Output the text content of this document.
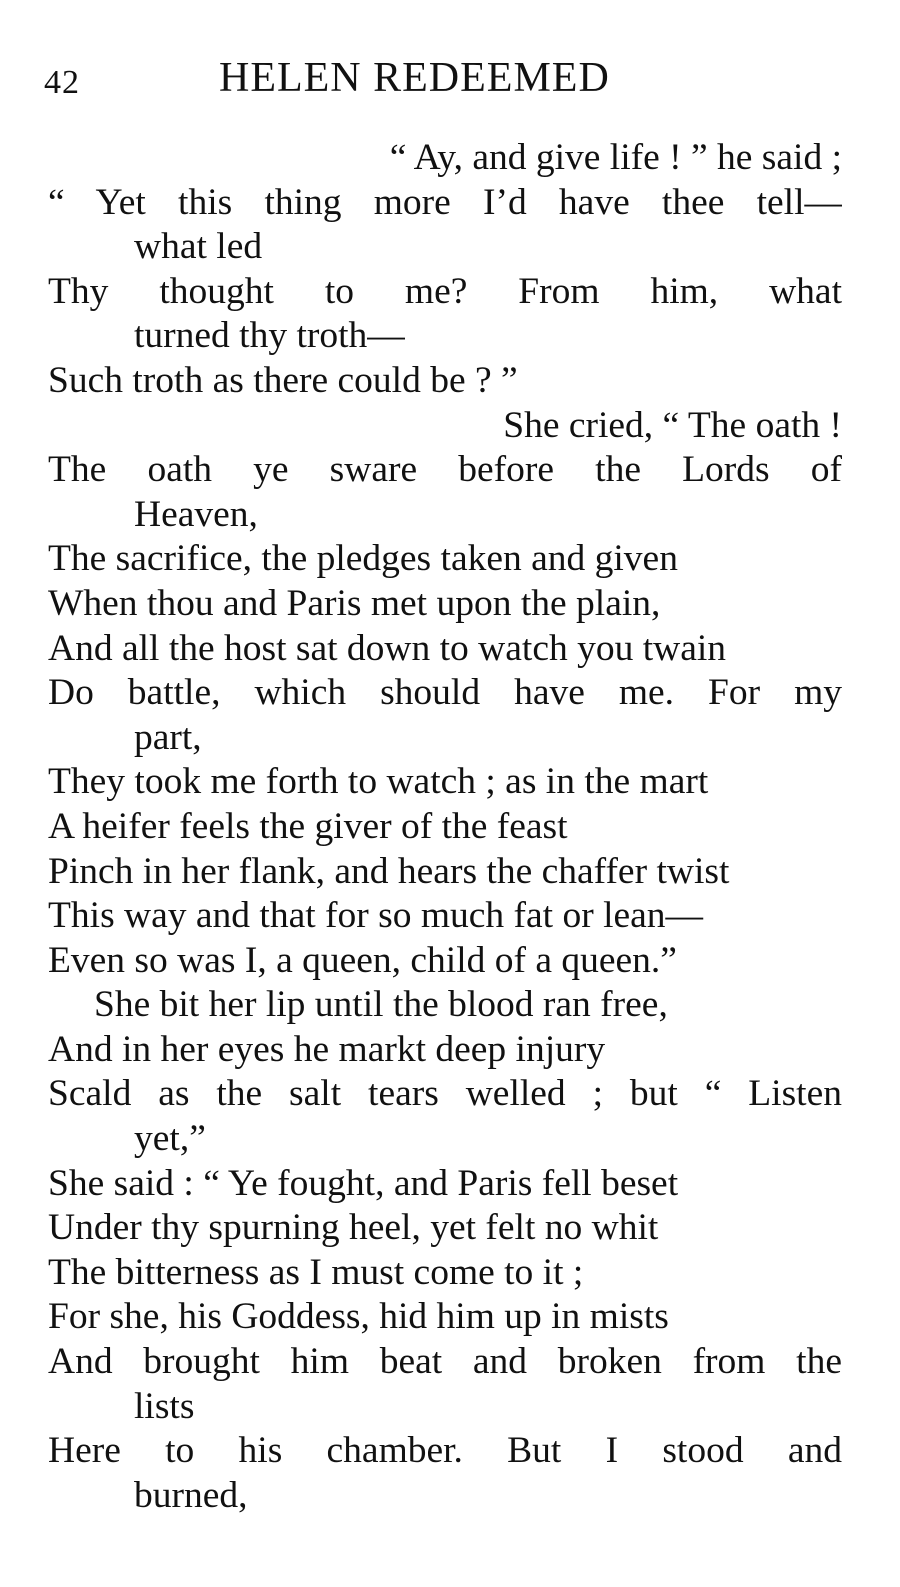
42	HELEN REDEEMED
“ Ay, and give life ! ” he said ;
“ Yet this thing more I’d have thee tell—
what led
Thy thought to me? From him, what
turned thy troth—
Such troth as there could be ? ”
She cried, “ The oath !
The oath ye sware before the Lords of
Heaven,
The sacrifice, the pledges taken and given
When thou and Paris met upon the plain,
And all the host sat down to watch you twain
Do battle, which should have me. For my
part,
They took me forth to watch ; as in the mart
A heifer feels the giver of the feast
Pinch in her flank, and hears the chaffer twist
This way and that for so much fat or lean—
Even so was I, a queen, child of a queen.”
She bit her lip until the blood ran free,
And in her eyes he markt deep injury
Scald as the salt tears welled ; but “ Listen
yet,”
She said : “ Ye fought, and Paris fell beset
Under thy spurning heel, yet felt no whit
The bitterness as I must come to it ;
For she, his Goddess, hid him up in mists
And brought him beat and broken from the
lists
Here to his chamber. But I stood and
burned,
